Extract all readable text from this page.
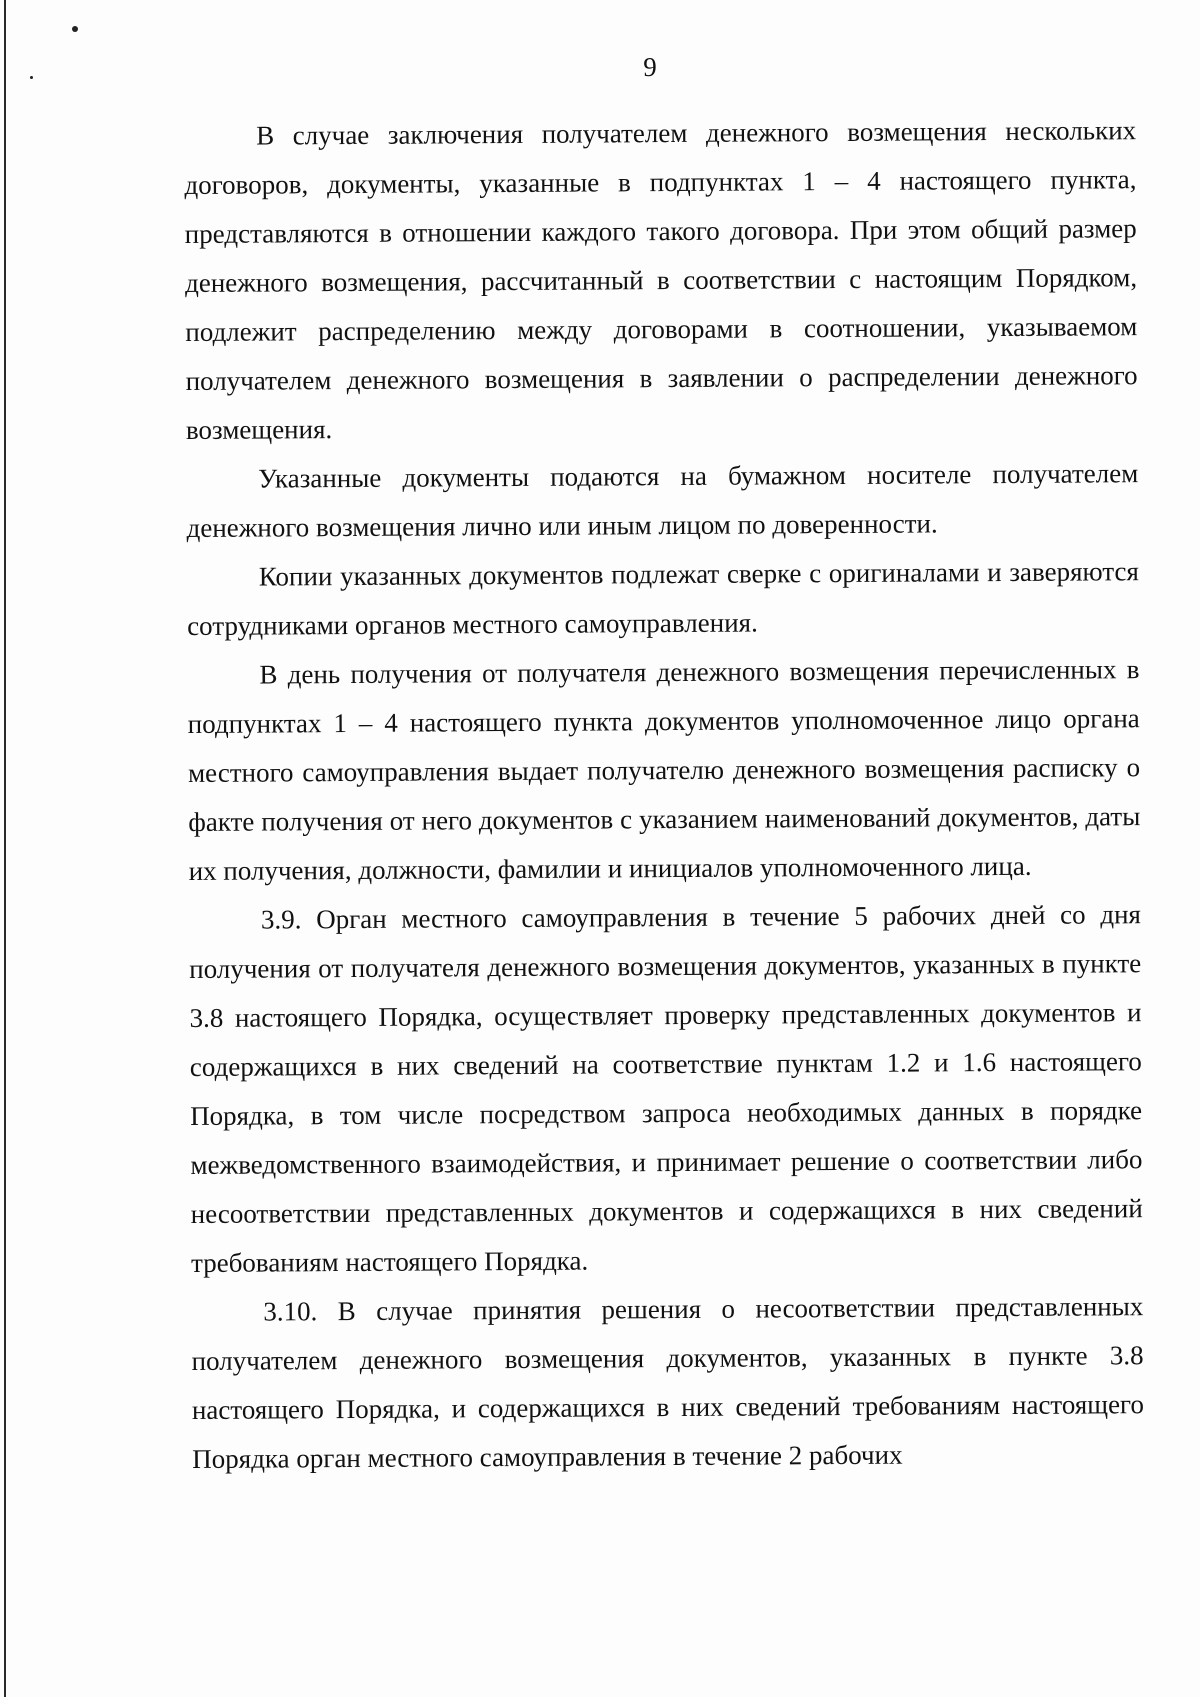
9

В случае заключения получателем денежного возмещения нескольких договоров, документы, указанные в подпунктах 1 – 4 настоящего пункта, представляются в отношении каждого такого договора. При этом общий размер денежного возмещения, рассчитанный в соответствии с настоящим Порядком, подлежит распределению между договорами в соотношении, указываемом получателем денежного возмещения в заявлении о распределении денежного возмещения.

Указанные документы подаются на бумажном носителе получателем денежного возмещения лично или иным лицом по доверенности.

Копии указанных документов подлежат сверке с оригиналами и заверяются сотрудниками органов местного самоуправления.

В день получения от получателя денежного возмещения перечисленных в подпунктах 1 – 4 настоящего пункта документов уполномоченное лицо органа местного самоуправления выдает получателю денежного возмещения расписку о факте получения от него документов с указанием наименований документов, даты их получения, должности, фамилии и инициалов уполномоченного лица.

3.9. Орган местного самоуправления в течение 5 рабочих дней со дня получения от получателя денежного возмещения документов, указанных в пункте 3.8 настоящего Порядка, осуществляет проверку представленных документов и содержащихся в них сведений на соответствие пунктам 1.2 и 1.6 настоящего Порядка, в том числе посредством запроса необходимых данных в порядке межведомственного взаимодействия, и принимает решение о соответствии либо несоответствии представленных документов и содержащихся в них сведений требованиям настоящего Порядка.

3.10. В случае принятия решения о несоответствии представленных получателем денежного возмещения документов, указанных в пункте 3.8 настоящего Порядка, и содержащихся в них сведений требованиям настоящего Порядка орган местного самоуправления в течение 2 рабочих
